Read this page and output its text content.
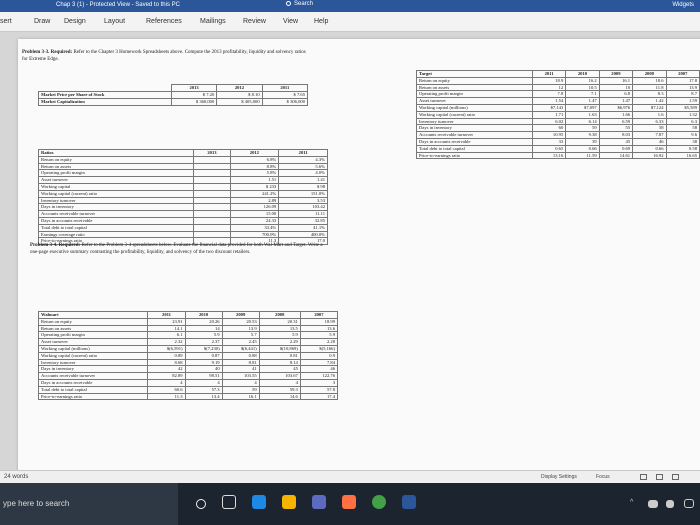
Chap 3 (1) - Protected View - Saved to this PC	Search	Widgets
sert	Draw Design	Layout	References	Mailings Review View Help
Problem 3-3. Required: Refer to the Chapter 3 Homework Spreadsheets above. Compute the 2013 profitability, liquidity and solvency ratios for Extreme Edge.
	2013	2012	2011
Market Price per Share of Stock	$ 7.20	$ 8.10	$ 7.65
Market Capitalization	$ 360,000	$ 405,000	$ 306,000
Ratios	2013	2012	2011
Return on equity		6.8%	4.3%
Return on assets		8.8%	5.6%
Operating profit margin		5.8%	4.0%
Asset turnover		1.51	1.41
Working capital		$ 233	$ 98
Working capital (current) ratio		241.2%	151.0%
Inventory turnover		2.89	3.53
Days in inventory		126.09	103.42
Accounts receivable turnover		15.00	11.11
Days in accounts receivable		24.33	32.85
Total debt to total capital		33.4%	41.1%
Earnings coverage ratio		700.0%	400.0%
Price-to-earnings ratio		11.3	17.0
Target	2011	2010	2009	2008	2007
Return on equity	18.9	16.2	16.1	18.6	17.8
Return on assets	12	10.5	10	11.8	13.9
Operating profit margin	7.8	7.1	6.8	8.3	8.7
Asset turnover	1.54	1.47	1.47	1.42	1.59
Working capital (millions)	$7,143	$7,097	$6,976	$7,124	$5,589
Working capital (current) ratio	1.71	1.63	1.66	1.6	1.32
Inventory turnover	6.02	6.14	6.59	6.33	6.3
Days in inventory	60	59	55	58	58
Accounts receivable turnover	10.95	9.38	8.03	7.87	9.6
Days in accounts receivable	33	39	45	46	38
Total debt to total capital	0.65	0.66	0.69	0.66	0.58
Price-to-earnings ratio	13.16	11.59	14.61	16.92	16.65
Problem 3-4. Required: Refer to the Problem 3-4 spreadsheets below. Evaluate the financial data provided for both Wal-Mart and Target. Write a one-page executive summary contrasting the profitability, liquidity, and solvency of the two discount retailers.
Walmart	2011	2010	2009	2008	2007
Return on equity	23.91	20.26	20.53	20.31	18.99
Return on assets	14.1	14	13.9	13.5	13.6
Operating profit margin	6.1	5.9	5.7	5.9	5.9
Asset turnover	2.32	2.37	2.45	2.29	2.28
Working capital (millions)	$(6,591)	$(7,230)	$(6,441)	$(10,869)	$(5,166)
Working capital (current) ratio	0.89	0.87	0.88	0.81	0.9
Inventory turnover	8.68	9.19	8.81	8.14	7.84
Days in inventory	42	40	41	45	46
Accounts receivable turnover	82.89	98.51	103.55	103.67	122.76
Days in accounts receivable	4	4	4	4	3
Total debt to total capital	60.6	57.3	59	59.3	57.8
Price-to-earnings ratio	11.3	13.4	16.1	14.6	17.4
24 words	Display Settings	Focus
ype here to search	^
